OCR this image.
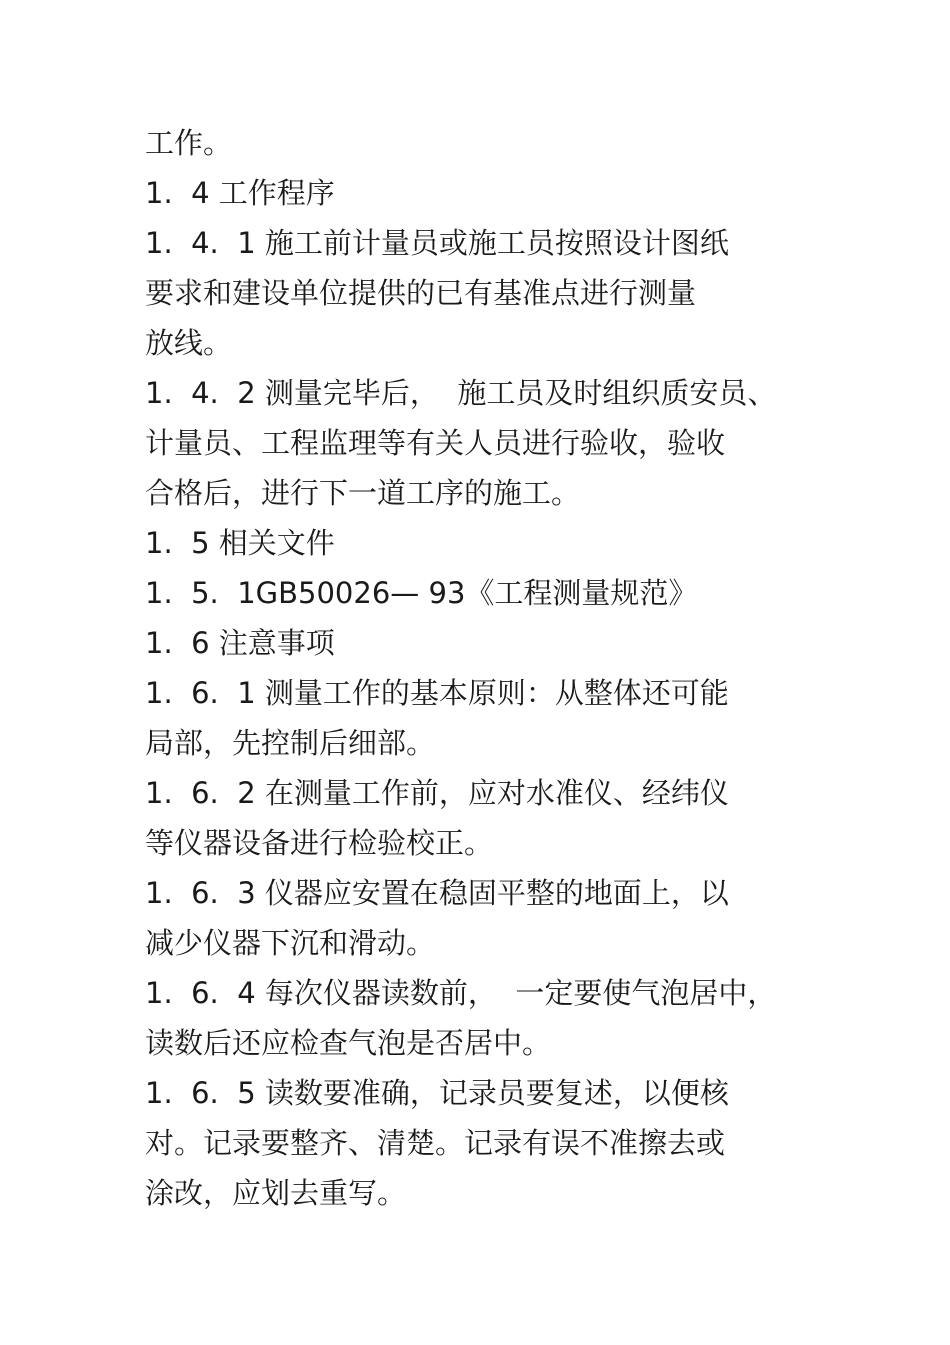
工作。

1.  4 工作程序

1.  4.  1 施工前计量员或施工员按照设计图纸

要求和建设单位提供的已有基准点进行测量

放线。

1.  4.  2 测量完毕后，  施工员及时组织质安员、

计量员、工程监理等有关人员进行验收，验收

合格后，进行下一道工序的施工。

1.  5 相关文件

1.  5.  1GB50026— 93《工程测量规范》

1.  6 注意事项

1.  6.  1 测量工作的基本原则：从整体还可能

局部，先控制后细部。

1.  6.  2 在测量工作前，应对水准仪、经纬仪

等仪器设备进行检验校正。

1.  6.  3 仪器应安置在稳固平整的地面上，以

减少仪器下沉和滑动。

1.  6.  4 每次仪器读数前，  一定要使气泡居中，

读数后还应检查气泡是否居中。

1.  6.  5 读数要准确，记录员要复述，以便核

对。记录要整齐、清楚。记录有误不准擦去或

涂改，应划去重写。
